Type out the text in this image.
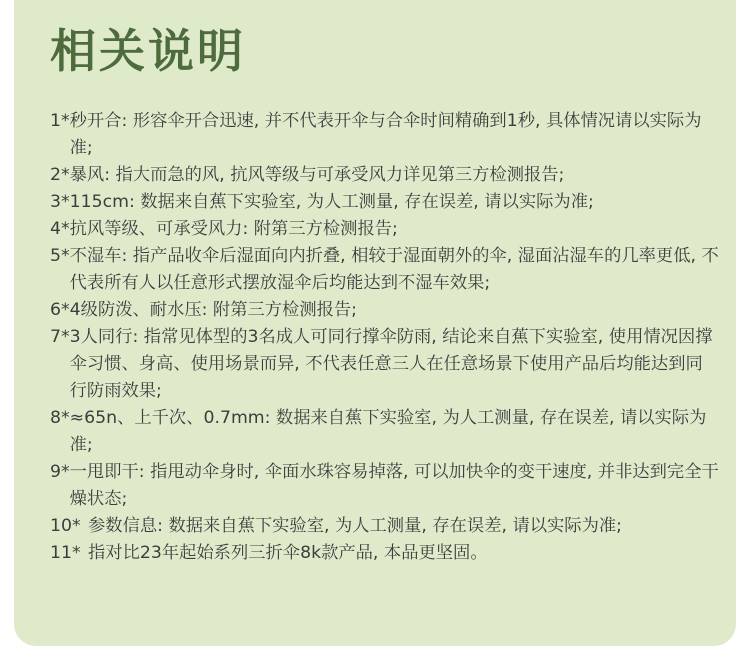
相关说明
1* 秒开合: 形容伞开合迅速, 并不代表开伞与合伞时间精确到1秒, 具体情况请以实际为准;
2* 暴风: 指大而急的风, 抗风等级与可承受风力详见第三方检测报告;
3* 115cm: 数据来自蕉下实验室, 为人工测量, 存在误差, 请以实际为准;
4* 抗风等级、可承受风力: 附第三方检测报告;
5* 不湿车: 指产品收伞后湿面向内折叠, 相较于湿面朝外的伞, 湿面沾湿车的几率更低, 不代表所有人以任意形式摆放湿伞后均能达到不湿车效果;
6* 4级防泼、耐水压: 附第三方检测报告;
7* 3人同行: 指常见体型的3名成人可同行撑伞防雨, 结论来自蕉下实验室, 使用情况因撑伞习惯、身高、使用场景而异, 不代表任意三人在任意场景下使用产品后均能达到同行防雨效果;
8* ≈65n、上千次、0.7mm: 数据来自蕉下实验室, 为人工测量, 存在误差, 请以实际为准;
9* 一甩即干: 指甩动伞身时, 伞面水珠容易掉落, 可以加快伞的变干速度, 并非达到完全干燥状态;
10* 参数信息: 数据来自蕉下实验室, 为人工测量, 存在误差, 请以实际为准;
11* 指对比23年起始系列三折伞8k款产品, 本品更坚固。
